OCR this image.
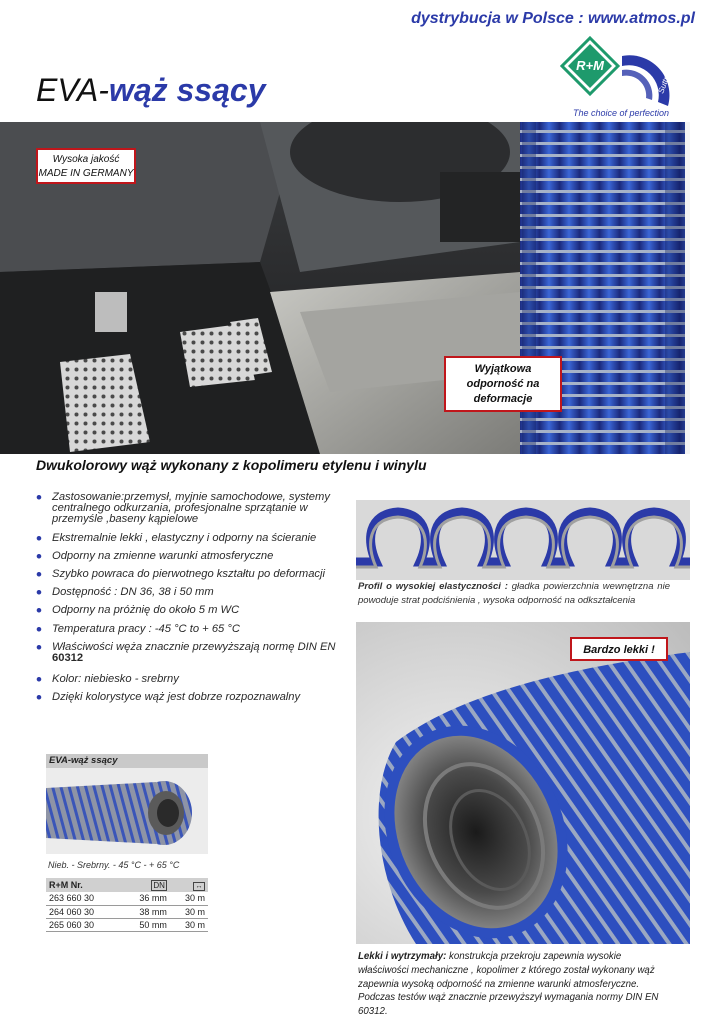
dystrybucja w Polsce : www.atmos.pl
EVA-wąż ssący
R+M
Suttner
The choice of perfection
Wysoka jakość
MADE IN GERMANY
Wyjątkowa
odporność na
deformacje
Dwukolorowy wąż wykonany z kopolimeru etylenu i winylu
• Zastosowanie:przemysł, myjnie samochodowe, systemy centralnego odkurzania, profesjonalne sprzątanie w przemyśle ,baseny kąpielowe
• Ekstremalnie lekki , elastyczny i odporny na ścieranie
• Odporny na zmienne warunki atmosferyczne
• Szybko powraca do pierwotnego kształtu po deformacji
• Dostępność : DN 36, 38 i 50 mm
• Odporny na próżnię do około 5 m WC
• Temperatura pracy : -45 °C to + 65 °C
• Właściwości węża znacznie przewyższają normę DIN EN
60312
• Kolor: niebiesko - srebrny
• Dzięki kolorystyce wąż jest dobrze rozpoznawalny
Profil o wysokiej elastyczności : gładka powierzchnia wewnętrzna nie powoduje strat podciśnienia , wysoka odporność na odkształcenia
Bardzo lekki !
Lekki i wytrzymały: konstrukcja przekroju zapewnia wysokie właściwości mechaniczne , kopolimer z którego został wykonany wąż zapewnia wysoką odporność na zmienne warunki atmosferyczne. Podczas testów wąż znacznie przewyższył wymagania normy DIN EN 60312.
EVA-wąż ssący
Nieb. - Srebrny. - 45 °C - + 65 °C
R+M Nr.	DN	↔
263 660 30	36 mm	30 m
264 060 30	38 mm	30 m
265 060 30	50 mm	30 m
